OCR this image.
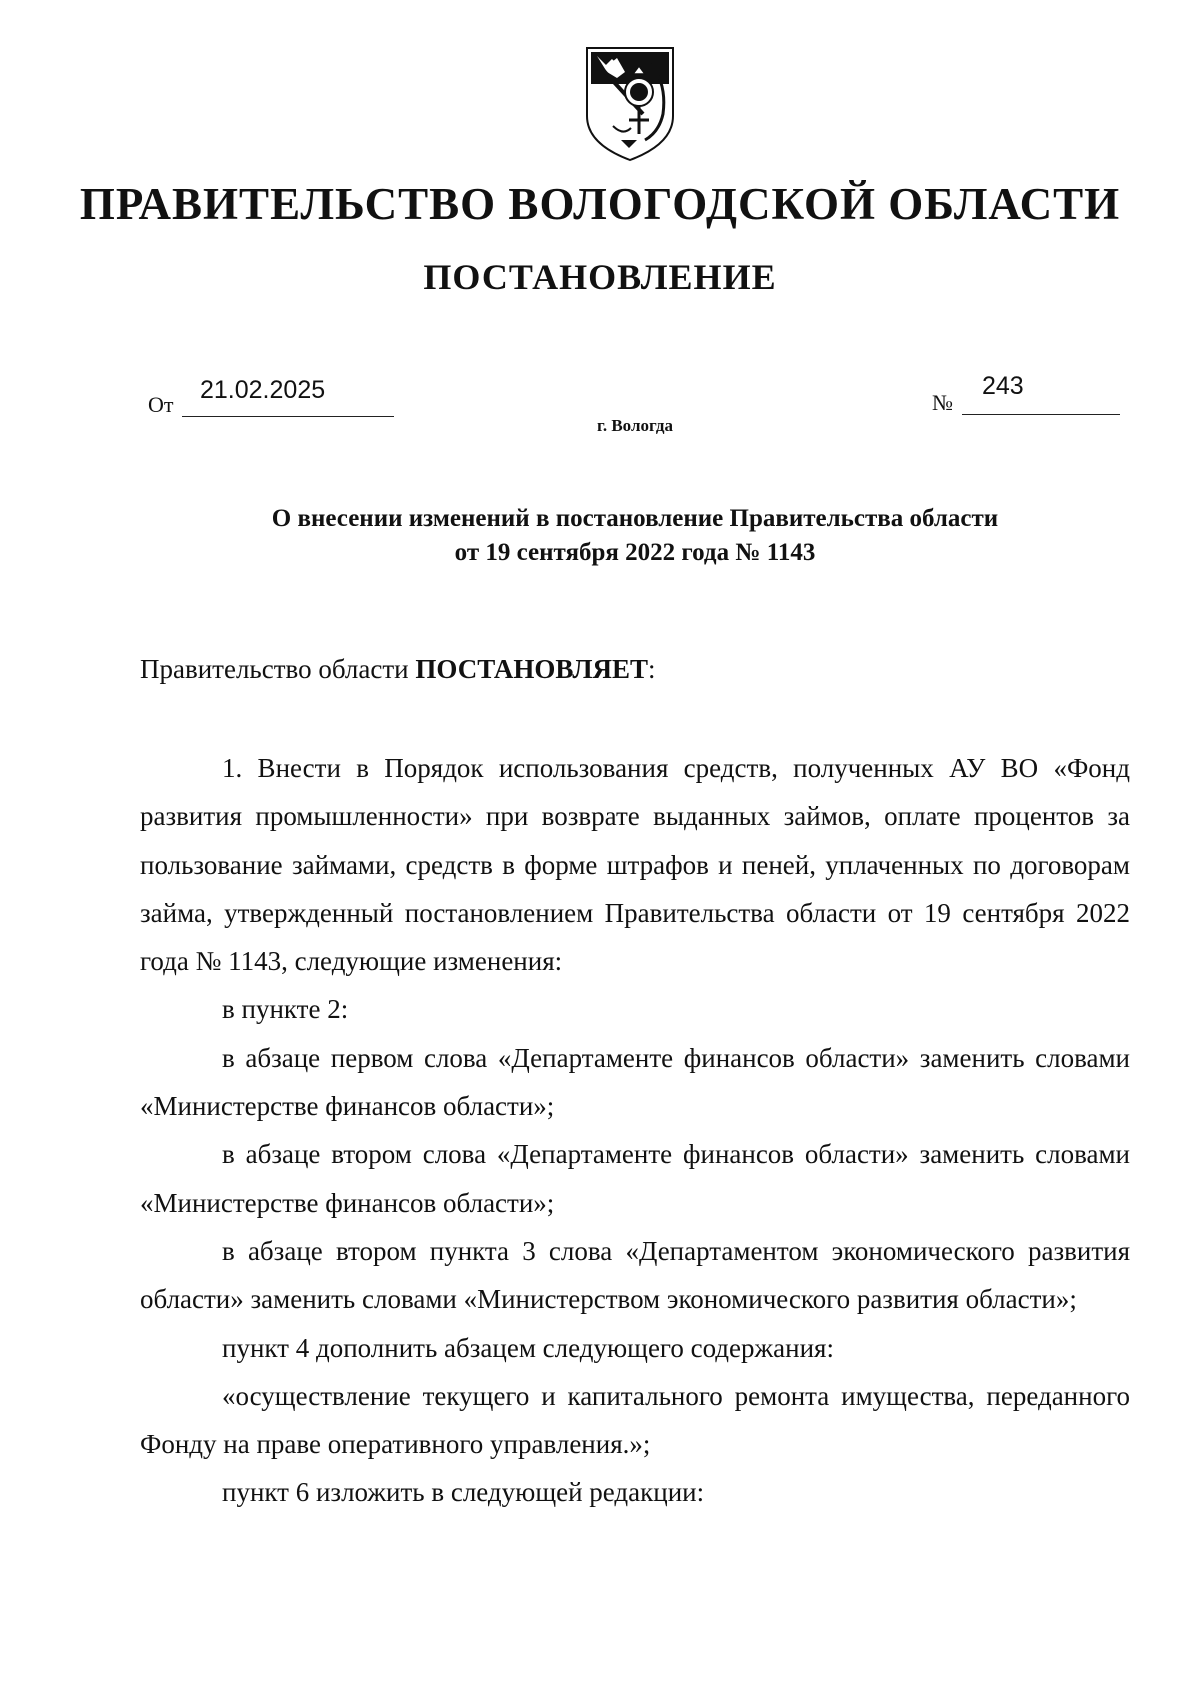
ПРАВИТЕЛЬСТВО ВОЛОГОДСКОЙ ОБЛАСТИ
ПОСТАНОВЛЕНИЕ
От
21.02.2025	№
243
г. Вологда
О внесении изменений в постановление Правительства области
от 19 сентября 2022 года № 1143
Правительство области ПОСТАНОВЛЯЕТ:

1. Внести в Порядок использования средств, полученных АУ ВО «Фонд развития промышленности» при возврате выданных займов, оплате процентов за пользование займами, средств в форме штрафов и пеней, уплаченных по договорам займа, утвержденный постановлением Правительства области от 19 сентября 2022 года № 1143, следующие изменения:

в пункте 2:

в абзаце первом слова «Департаменте финансов области» заменить словами «Министерстве финансов области»;

в абзаце втором слова «Департаменте финансов области» заменить словами «Министерстве финансов области»;

в абзаце втором пункта 3 слова «Департаментом экономического развития области» заменить словами «Министерством экономического развития области»;

пункт 4 дополнить абзацем следующего содержания:

«осуществление текущего и капитального ремонта имущества, переданного Фонду на праве оперативного управления.»;

пункт 6 изложить в следующей редакции:
